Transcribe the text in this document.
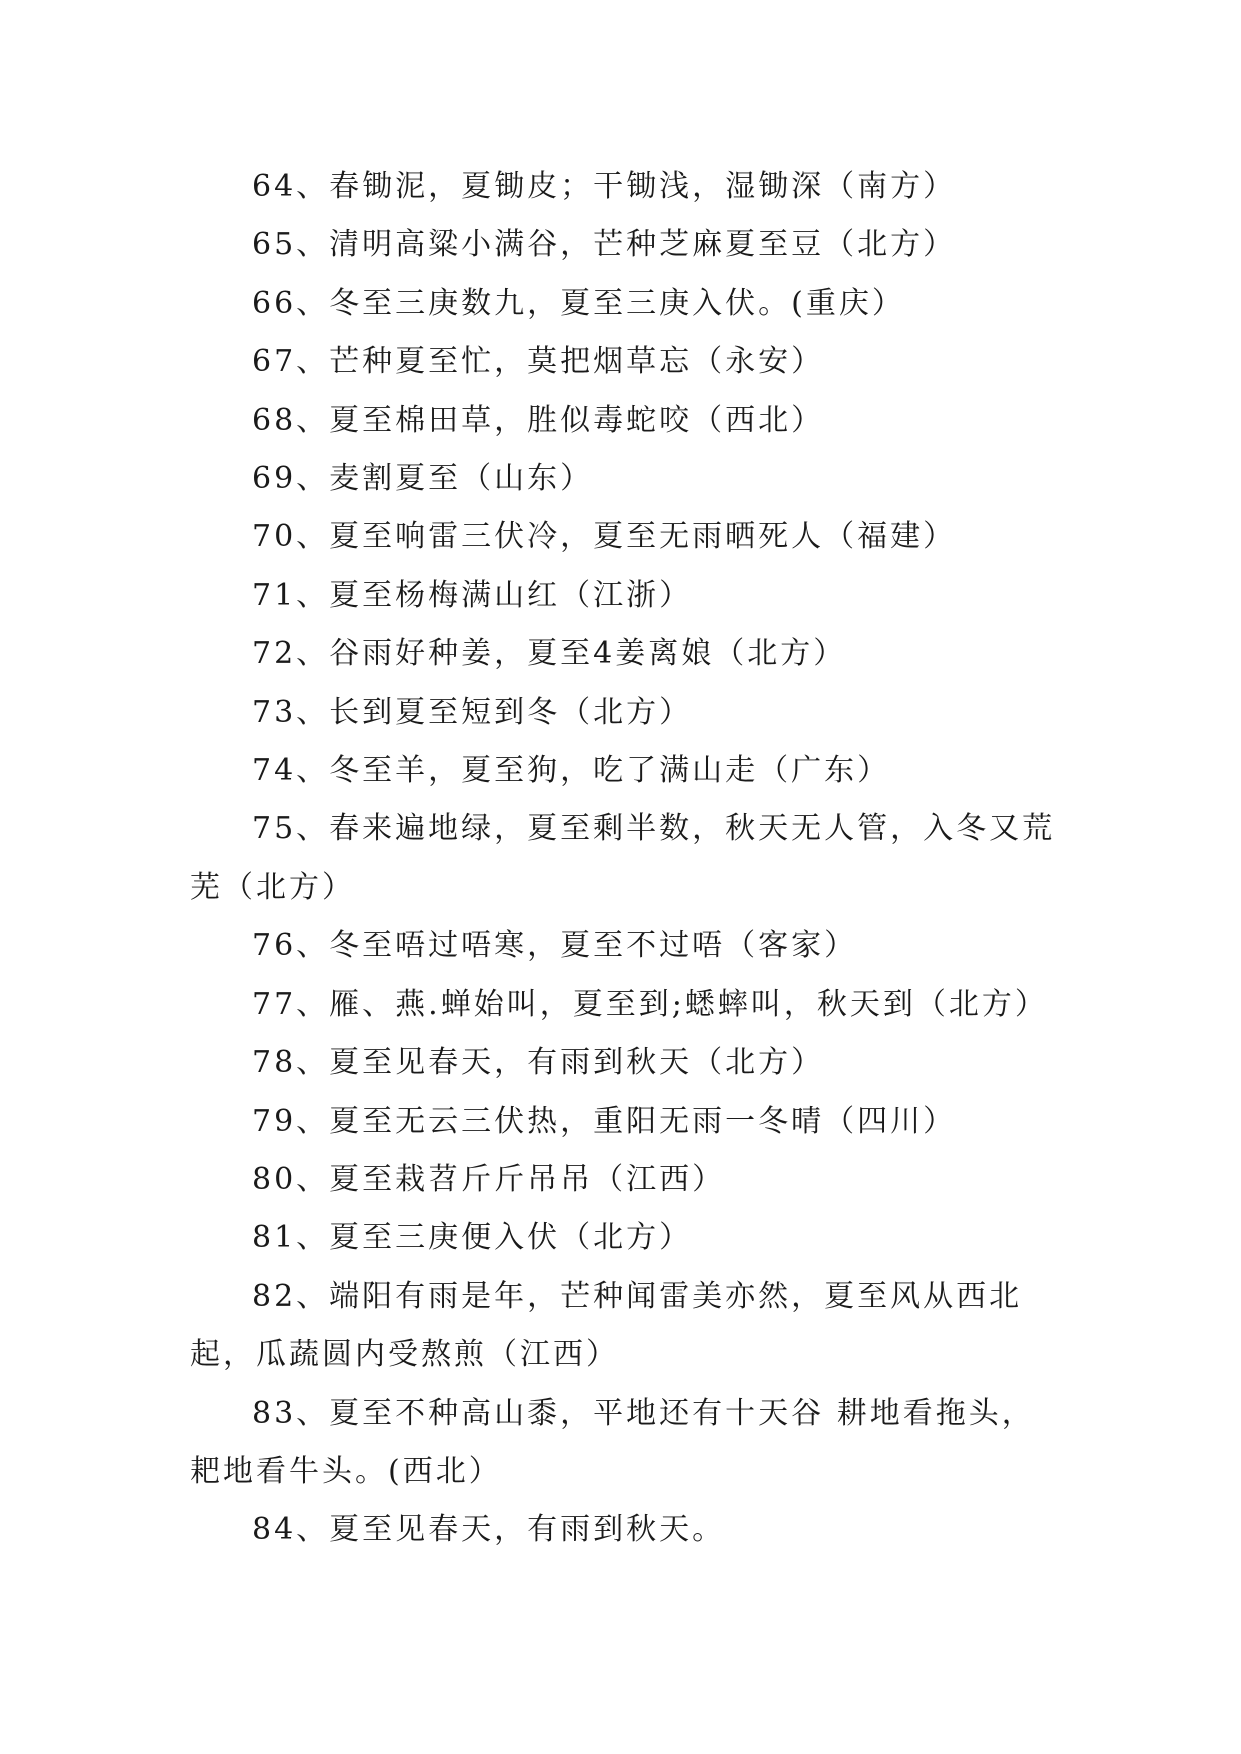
64、春锄泥，夏锄皮；干锄浅，湿锄深（南方）

65、清明高粱小满谷，芒种芝麻夏至豆（北方）

66、冬至三庚数九，夏至三庚入伏。(重庆）

67、芒种夏至忙，莫把烟草忘（永安）

68、夏至棉田草，胜似毒蛇咬（西北）

69、麦割夏至（山东）

70、夏至响雷三伏冷，夏至无雨晒死人（福建）

71、夏至杨梅满山红（江浙）

72、谷雨好种姜，夏至4姜离娘（北方）

73、长到夏至短到冬（北方）

74、冬至羊，夏至狗，吃了满山走（广东）

75、春来遍地绿，夏至剩半数，秋天无人管，入冬又荒芜（北方）

76、冬至唔过唔寒，夏至不过唔（客家）

77、雁、燕.蝉始叫，夏至到;蟋蟀叫，秋天到（北方）

78、夏至见春天，有雨到秋天（北方）

79、夏至无云三伏热，重阳无雨一冬晴（四川）

80、夏至栽苕斤斤吊吊（江西）

81、夏至三庚便入伏（北方）

82、端阳有雨是年，芒种闻雷美亦然，夏至风从西北起，瓜蔬圆内受熬煎（江西）

83、夏至不种高山黍，平地还有十天谷 耕地看拖头，耙地看牛头。(西北）

84、夏至见春天，有雨到秋天。
